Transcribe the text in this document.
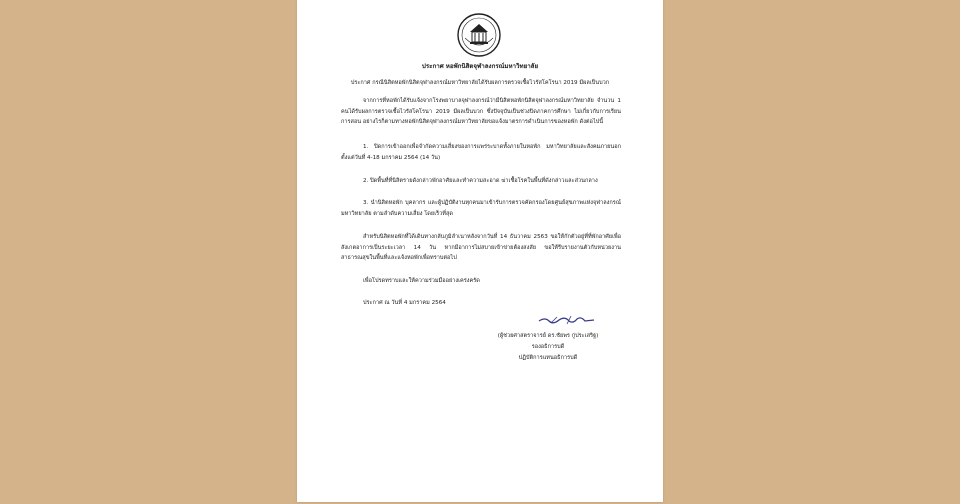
ประกาศ หอพักนิสิตจุฬาลงกรณ์มหาวิทยาลัย
ประกาศ กรณีนิสิตหอพักนิสิตจุฬาลงกรณ์มหาวิทยาลัยได้รับผลการตรวจเชื้อไวรัสโคโรนา 2019 มีผลเป็นบวก
จากการที่หอพักได้รับแจ้งจากโรงพยาบาลจุฬาลงกรณ์ว่ามีนิสิตหอพักนิสิตจุฬาลงกรณ์มหาวิทยาลัย จำนวน 1 คนได้รับผลการตรวจเชื้อไวรัสโคโรนา 2019 มีผลเป็นบวก ซึ่งปัจจุบันเป็นช่วงปิดภาคการศึกษา ไม่เกี่ยวกับการเรียนการสอน อย่างไรก็ตามทางหอพักนิสิตจุฬาลงกรณ์มหาวิทยาลัยขอแจ้งมาตรการดำเนินการของหอพัก ดังต่อไปนี้
1. ปิดการเข้าออกเพื่อจำกัดความเสี่ยงของการแพร่ระบาดทั้งภายในหอพัก มหาวิทยาลัยและสังคมภายนอก ตั้งแต่วันที่ 4-18 มกราคม 2564 (14 วัน)
2. ปิดพื้นที่ที่นิสิตรายดังกล่าวพักอาศัยและทำความสะอาด ฆ่าเชื้อโรคในพื้นที่ดังกล่าวและส่วนกลาง
3. นำนิสิตหอพัก บุคลากร และผู้ปฏิบัติงานทุกคนมาเข้ารับการตรวจคัดกรองโดยศูนย์สุขภาพแห่งจุฬาลงกรณ์มหาวิทยาลัย ตามลำดับความเสี่ยง โดยเร็วที่สุด
สำหรับนิสิตหอพักที่ได้เดินทางกลับภูมิลำเนาหลังจากวันที่ 14 ธันวาคม 2563 ขอให้กักตัวอยู่ที่ที่พักอาศัยเพื่อสังเกตอาการเป็นระยะเวลา 14 วัน หากมีอาการไม่สบายเข้าข่ายต้องสงสัย ขอให้รีบรายงานตัวกับหน่วยงานสาธารณสุขในพื้นที่และแจ้งหอพักเพื่อทราบต่อไป
เพื่อโปรดทราบและให้ความร่วมมืออย่างเคร่งครัด
ประกาศ ณ วันที่ 4 มกราคม 2564
(ผู้ช่วยศาสตราจารย์ ดร.ชัยพร กู่ประเสริฐ)
รองอธิการบดี
ปฏิบัติการแทนอธิการบดี
